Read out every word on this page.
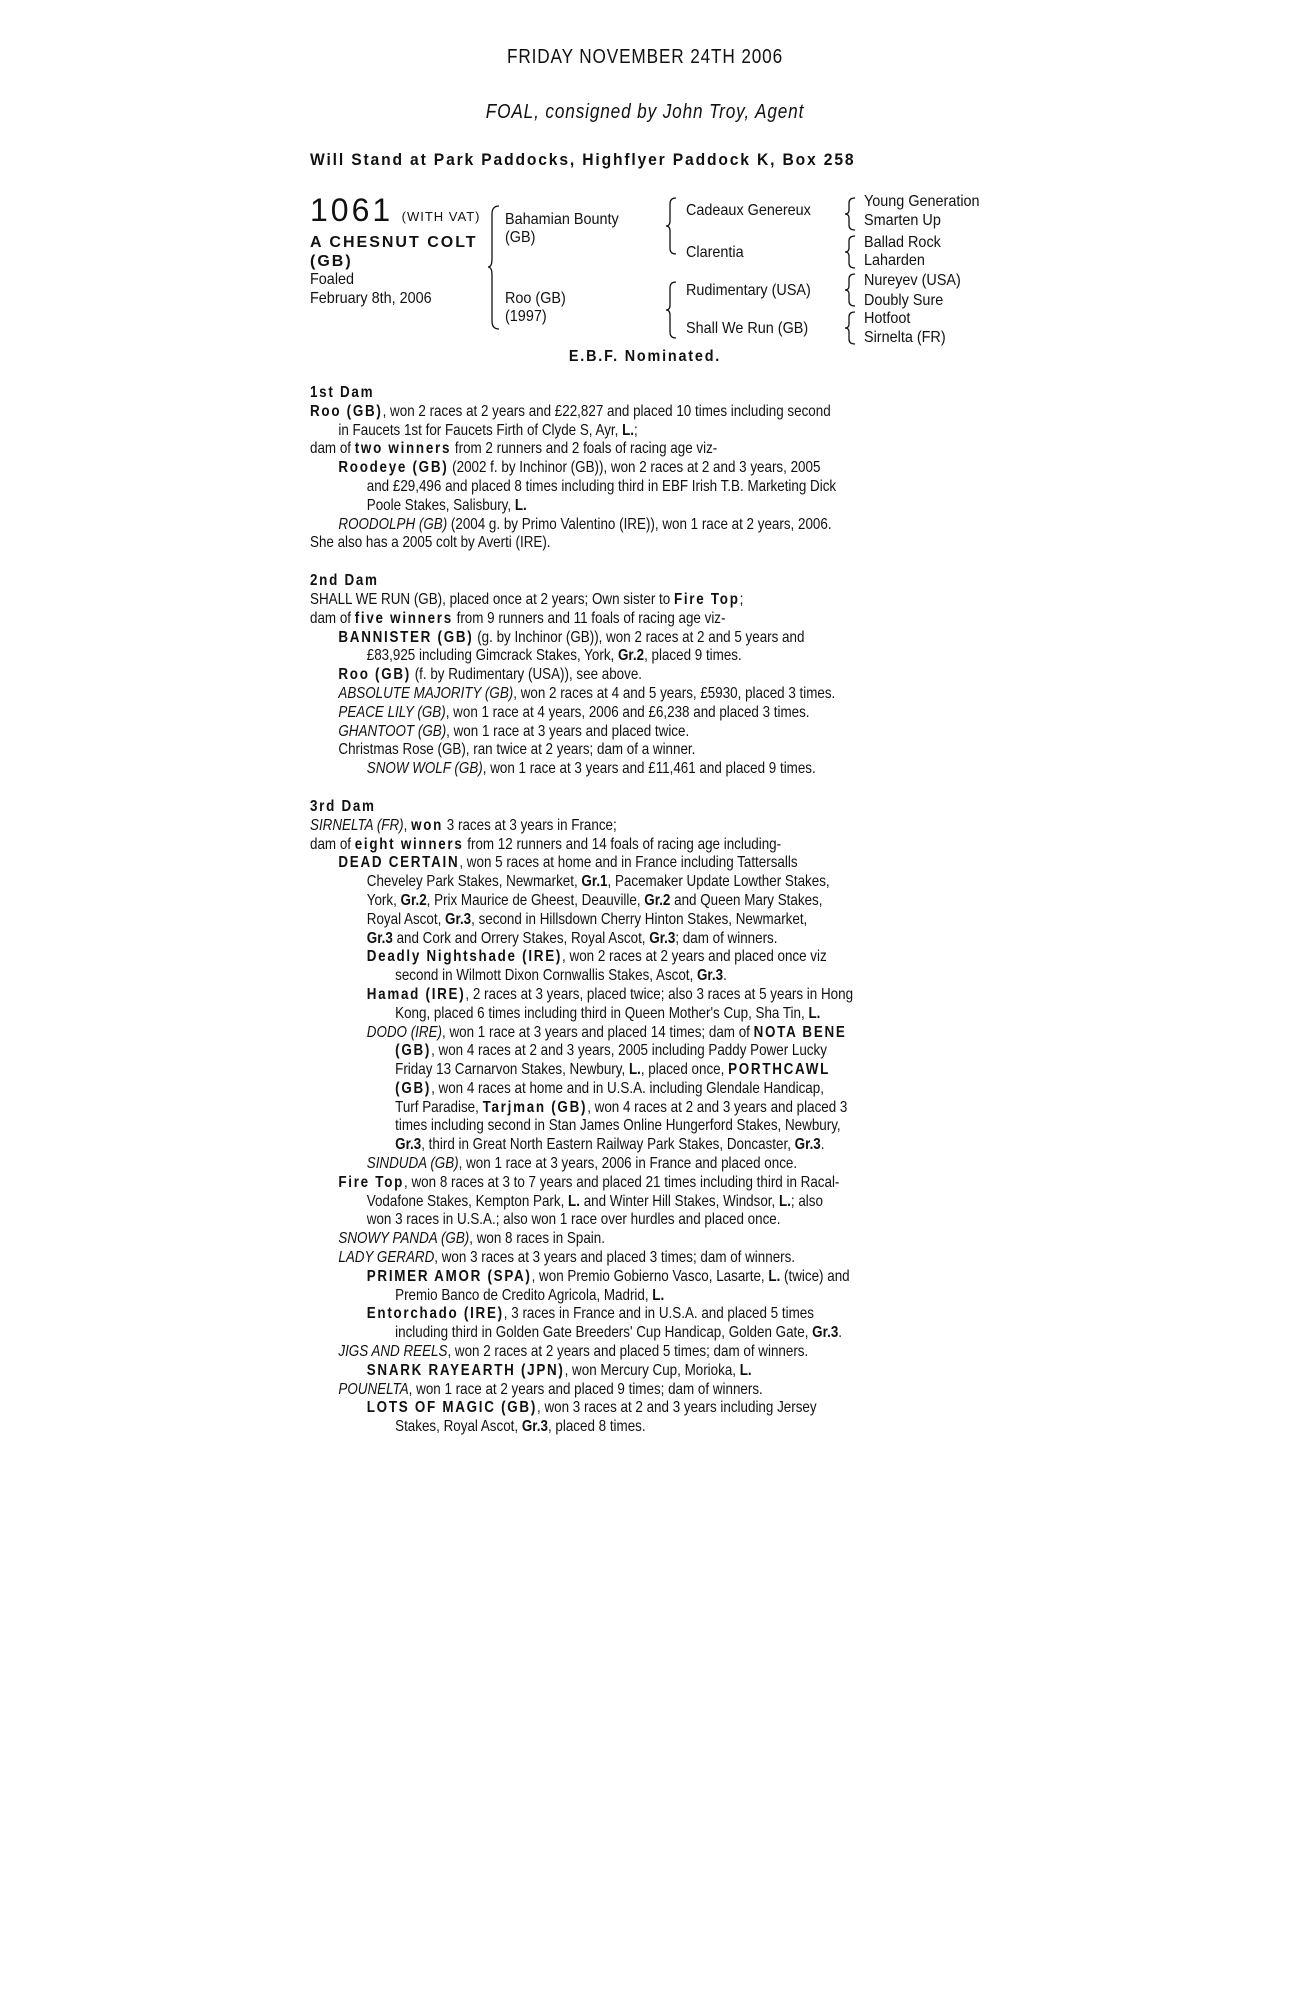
FRIDAY NOVEMBER 24TH 2006
FOAL, consigned by John Troy, Agent
Will Stand at Park Paddocks, Highflyer Paddock K, Box 258
1061 (WITH VAT)
A CHESNUT COLT (GB)
Foaled
February 8th, 2006
Bahamian Bounty
(GB)
Roo (GB)
(1997)
Cadeaux Genereux
Clarentia
Rudimentary (USA)
Shall We Run (GB)
Young Generation
Smarten Up
Ballad Rock
Laharden
Nureyev (USA)
Doubly Sure
Hotfoot
Sirnelta (FR)
E.B.F. Nominated.
1st Dam
Roo (GB), won 2 races at 2 years and £22,827 and placed 10 times including second
in Faucets 1st for Faucets Firth of Clyde S, Ayr, L.;
dam of two winners from 2 runners and 2 foals of racing age viz-
Roodeye (GB) (2002 f. by Inchinor (GB)), won 2 races at 2 and 3 years, 2005
and £29,496 and placed 8 times including third in EBF Irish T.B. Marketing Dick
Poole Stakes, Salisbury, L.
ROODOLPH (GB) (2004 g. by Primo Valentino (IRE)), won 1 race at 2 years, 2006.
She also has a 2005 colt by Averti (IRE).
2nd Dam
SHALL WE RUN (GB), placed once at 2 years; Own sister to Fire Top;
dam of five winners from 9 runners and 11 foals of racing age viz-
BANNISTER (GB) (g. by Inchinor (GB)), won 2 races at 2 and 5 years and
£83,925 including Gimcrack Stakes, York, Gr.2, placed 9 times.
Roo (GB) (f. by Rudimentary (USA)), see above.
ABSOLUTE MAJORITY (GB), won 2 races at 4 and 5 years, £5930, placed 3 times.
PEACE LILY (GB), won 1 race at 4 years, 2006 and £6,238 and placed 3 times.
GHANTOOT (GB), won 1 race at 3 years and placed twice.
Christmas Rose (GB), ran twice at 2 years; dam of a winner.
SNOW WOLF (GB), won 1 race at 3 years and £11,461 and placed 9 times.
3rd Dam
SIRNELTA (FR), won 3 races at 3 years in France;
dam of eight winners from 12 runners and 14 foals of racing age including-
DEAD CERTAIN, won 5 races at home and in France including Tattersalls
Cheveley Park Stakes, Newmarket, Gr.1, Pacemaker Update Lowther Stakes,
York, Gr.2, Prix Maurice de Gheest, Deauville, Gr.2 and Queen Mary Stakes,
Royal Ascot, Gr.3, second in Hillsdown Cherry Hinton Stakes, Newmarket,
Gr.3 and Cork and Orrery Stakes, Royal Ascot, Gr.3; dam of winners.
Deadly Nightshade (IRE), won 2 races at 2 years and placed once viz
second in Wilmott Dixon Cornwallis Stakes, Ascot, Gr.3.
Hamad (IRE), 2 races at 3 years, placed twice; also 3 races at 5 years in Hong
Kong, placed 6 times including third in Queen Mother's Cup, Sha Tin, L.
DODO (IRE), won 1 race at 3 years and placed 14 times; dam of NOTA BENE
(GB), won 4 races at 2 and 3 years, 2005 including Paddy Power Lucky
Friday 13 Carnarvon Stakes, Newbury, L., placed once, PORTHCAWL
(GB), won 4 races at home and in U.S.A. including Glendale Handicap,
Turf Paradise, Tarjman (GB), won 4 races at 2 and 3 years and placed 3
times including second in Stan James Online Hungerford Stakes, Newbury,
Gr.3, third in Great North Eastern Railway Park Stakes, Doncaster, Gr.3.
SINDUDA (GB), won 1 race at 3 years, 2006 in France and placed once.
Fire Top, won 8 races at 3 to 7 years and placed 21 times including third in Racal-
Vodafone Stakes, Kempton Park, L. and Winter Hill Stakes, Windsor, L.; also
won 3 races in U.S.A.; also won 1 race over hurdles and placed once.
SNOWY PANDA (GB), won 8 races in Spain.
LADY GERARD, won 3 races at 3 years and placed 3 times; dam of winners.
PRIMER AMOR (SPA), won Premio Gobierno Vasco, Lasarte, L. (twice) and
Premio Banco de Credito Agricola, Madrid, L.
Entorchado (IRE), 3 races in France and in U.S.A. and placed 5 times
including third in Golden Gate Breeders' Cup Handicap, Golden Gate, Gr.3.
JIGS AND REELS, won 2 races at 2 years and placed 5 times; dam of winners.
SNARK RAYEARTH (JPN), won Mercury Cup, Morioka, L.
POUNELTA, won 1 race at 2 years and placed 9 times; dam of winners.
LOTS OF MAGIC (GB), won 3 races at 2 and 3 years including Jersey
Stakes, Royal Ascot, Gr.3, placed 8 times.
